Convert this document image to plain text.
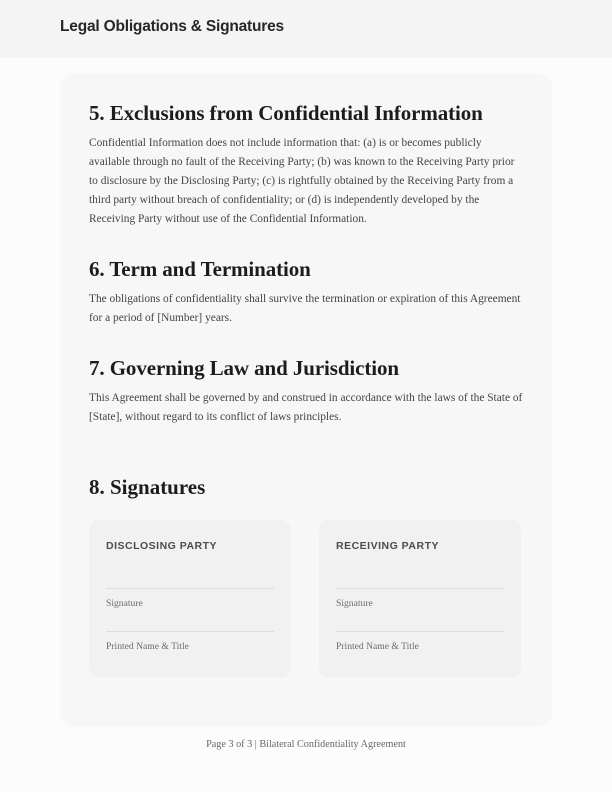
Legal Obligations & Signatures
5. Exclusions from Confidential Information

Confidential Information does not include information that: (a) is or becomes publicly available through no fault of the Receiving Party; (b) was known to the Receiving Party prior to disclosure by the Disclosing Party; (c) is rightfully obtained by the Receiving Party from a third party without breach of confidentiality; or (d) is independently developed by the Receiving Party without use of the Confidential Information.

6. Term and Termination

The obligations of confidentiality shall survive the termination or expiration of this Agreement for a period of [Number] years.

7. Governing Law and Jurisdiction

This Agreement shall be governed by and construed in accordance with the laws of the State of [State], without regard to its conflict of laws principles.

8. Signatures
DISCLOSING PARTY
Signature
Printed Name & Title
RECEIVING PARTY
Signature
Printed Name & Title
Page 3 of 3 | Bilateral Confidentiality Agreement
